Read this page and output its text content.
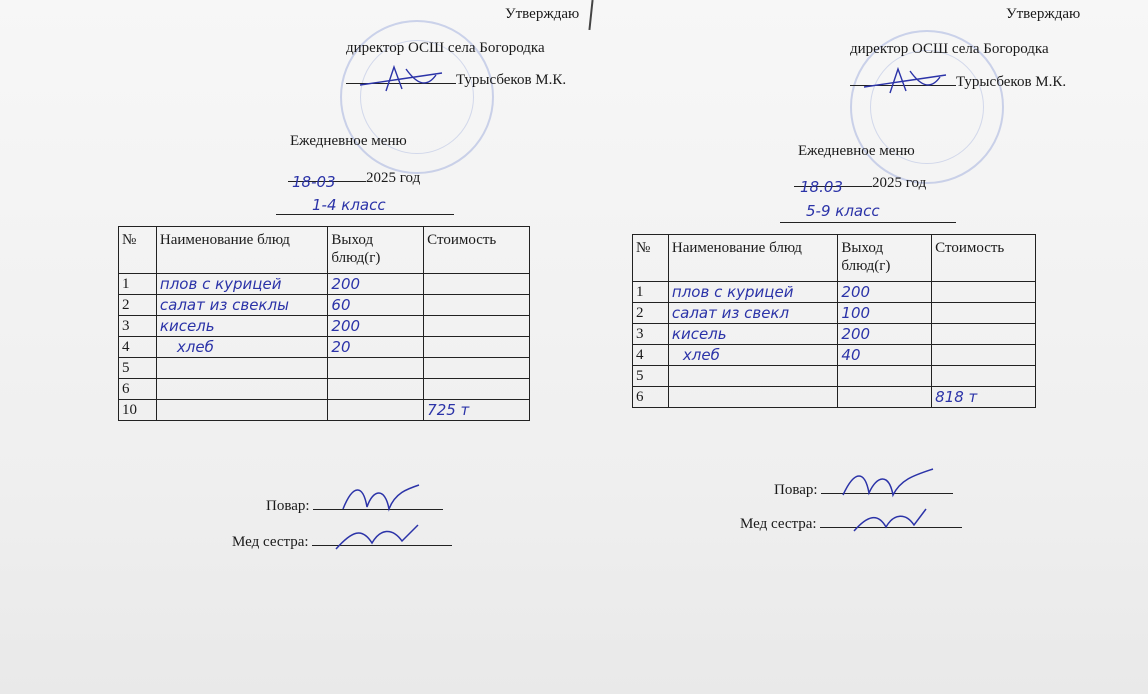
Утверждаю
директор ОСШ села Богородка
Турысбеков М.К.
Ежедневное меню
18-03 2025 год
1-4 класс
№	Наименование блюд	Выход блюд(г)	Стоимость
1	плов с курицей	200	
2	салат из свеклы	60	
3	кисель	200	
4	хлеб	20	
5			
6			
10			725 т
Повар:
Мед сестра:
Утверждаю
директор ОСШ села Богородка
Турысбеков М.К.
Ежедневное меню
18.03 2025 год
5-9 класс
№	Наименование блюд	Выход блюд(г)	Стоимость
1	плов с курицей	200	
2	салат из свекл	100	
3	кисель	200	
4	хлеб	40	
5			
6			818 т
Повар:
Мед сестра:
